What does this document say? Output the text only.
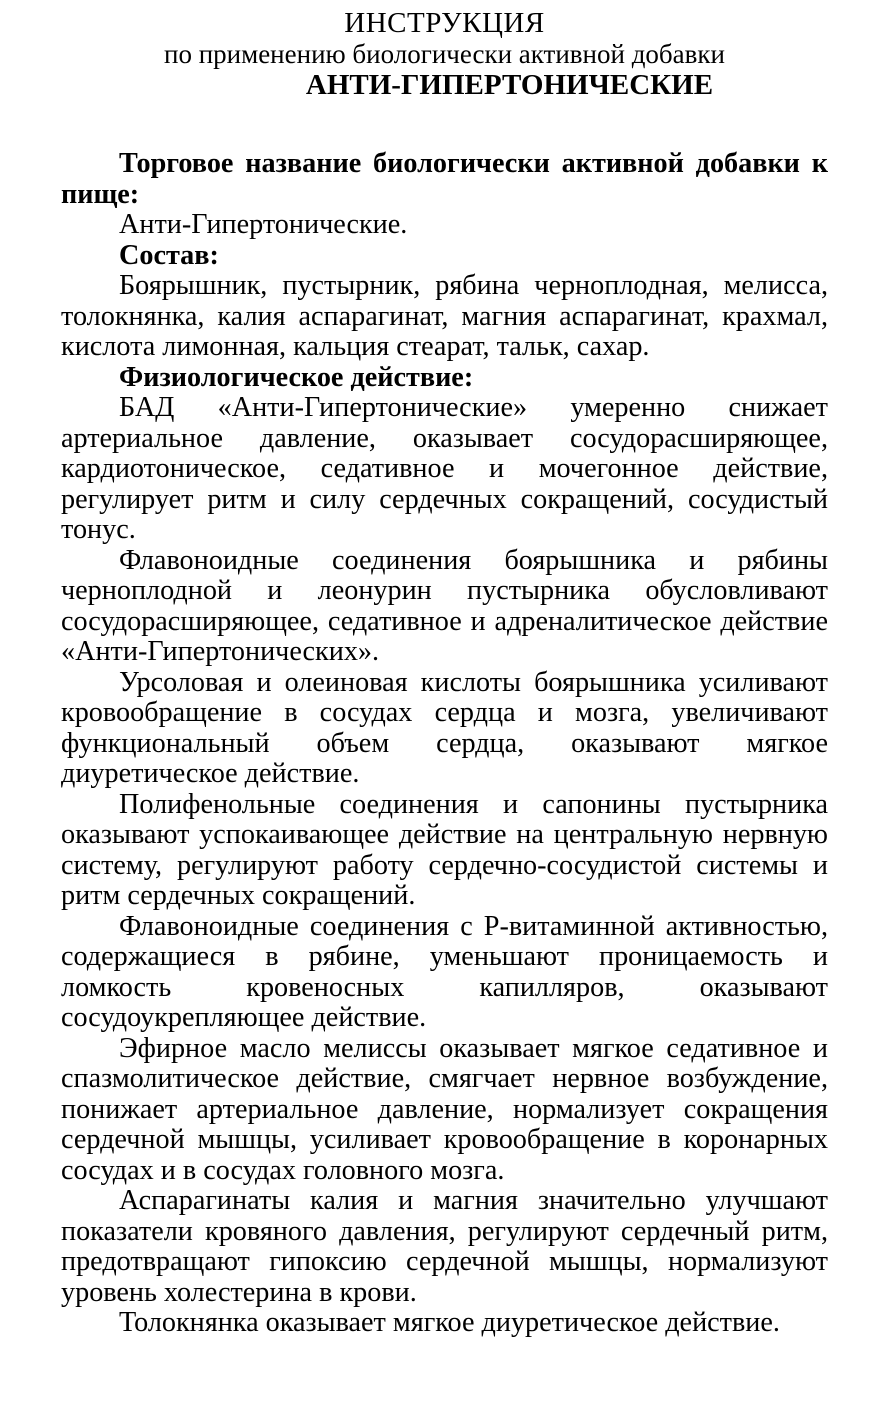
ИНСТРУКЦИЯ
по применению биологически активной добавки
АНТИ-ГИПЕРТОНИЧЕСКИЕ

Торговое название биологически активной добавки к пище:

Анти-Гипертонические.

Состав:

Боярышник, пустырник, рябина черноплодная, мелисса, толокнянка, калия аспарагинат, магния аспарагинат, крахмал, кислота лимонная, кальция стеарат, тальк, сахар.

Физиологическое действие:

БАД «Анти-Гипертонические» умеренно снижает артериальное давление, оказывает сосудорасширяющее, кардиотоническое, седативное и мочегонное действие, регулирует ритм и силу сердечных сокращений, сосудистый тонус.

Флавоноидные соединения боярышника и рябины черноплодной и леонурин пустырника обусловливают сосудорасширяющее, седативное и адреналитическое действие «Анти-Гипертонических».

Урсоловая и олеиновая кислоты боярышника усиливают кровообращение в сосудах сердца и мозга, увеличивают функциональный объем сердца, оказывают мягкое диуретическое действие.

Полифенольные соединения и сапонины пустырника оказывают успокаивающее действие на центральную нервную систему, регулируют работу сердечно-сосудистой системы и ритм сердечных сокращений.

Флавоноидные соединения с Р-витаминной активностью, содержащиеся в рябине, уменьшают проницаемость и ломкость кровеносных капилляров, оказывают сосудоукрепляющее действие.

Эфирное масло мелиссы оказывает мягкое седативное и спазмолитическое действие, смягчает нервное возбуждение, понижает артериальное давление, нормализует сокращения сердечной мышцы, усиливает кровообращение в коронарных сосудах и в сосудах головного мозга.

Аспарагинаты калия и магния значительно улучшают показатели кровяного давления, регулируют сердечный ритм, предотвращают гипоксию сердечной мышцы, нормализуют уровень холестерина в крови.

Толокнянка оказывает мягкое диуретическое действие.
